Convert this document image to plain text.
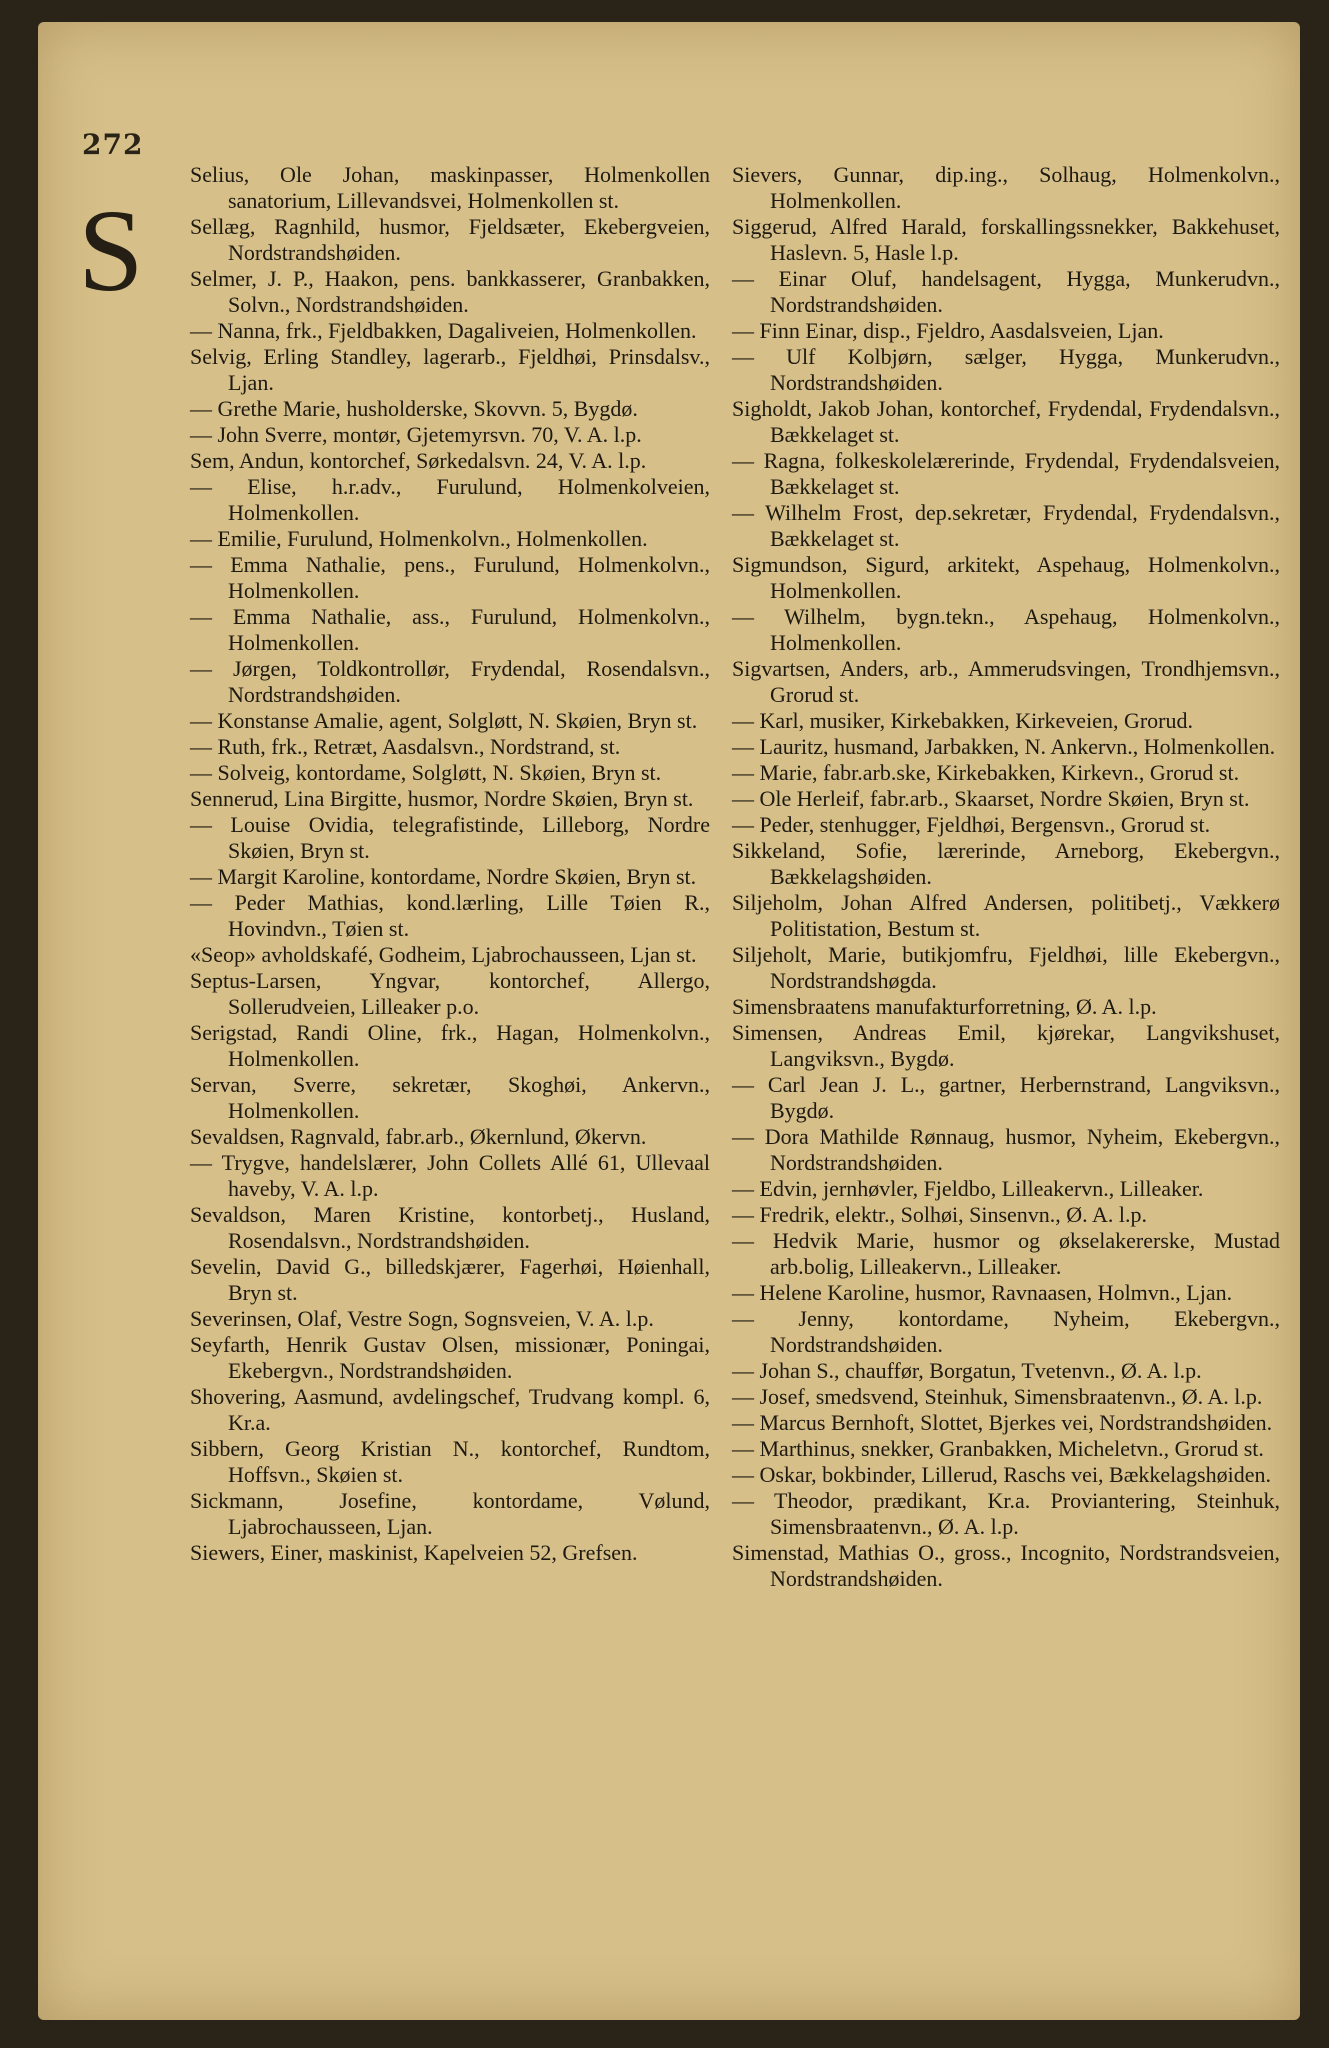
272
S

Selius, Ole Johan, maskinpasser, Holmenkollen sanatorium, Lillevandsvei, Holmenkollen st.

Sellæg, Ragnhild, husmor, Fjeldsæter, Ekebergveien, Nordstrandshøiden.

Selmer, J. P., Haakon, pens. bankkasserer, Granbakken, Solvn., Nordstrandshøiden.

— Nanna, frk., Fjeldbakken, Dagaliveien, Holmenkollen.

Selvig, Erling Standley, lagerarb., Fjeldhøi, Prinsdalsv., Ljan.

— Grethe Marie, husholderske, Skovvn. 5, Bygdø.

— John Sverre, montør, Gjetemyrsvn. 70, V. A. l.p.

Sem, Andun, kontorchef, Sørkedalsvn. 24, V. A. l.p.

— Elise, h.r.adv., Furulund, Holmenkolveien, Holmenkollen.

— Emilie, Furulund, Holmenkolvn., Holmenkollen.

— Emma Nathalie, pens., Furulund, Holmenkolvn., Holmenkollen.

— Emma Nathalie, ass., Furulund, Holmenkolvn., Holmenkollen.

— Jørgen, Toldkontrollør, Frydendal, Rosendalsvn., Nordstrandshøiden.

— Konstanse Amalie, agent, Solgløtt, N. Skøien, Bryn st.

— Ruth, frk., Retræt, Aasdalsvn., Nordstrand, st.

— Solveig, kontordame, Solgløtt, N. Skøien, Bryn st.

Sennerud, Lina Birgitte, husmor, Nordre Skøien, Bryn st.

— Louise Ovidia, telegrafistinde, Lilleborg, Nordre Skøien, Bryn st.

— Margit Karoline, kontordame, Nordre Skøien, Bryn st.

— Peder Mathias, kond.lærling, Lille Tøien R., Hovindvn., Tøien st.

«Seop» avholdskafé, Godheim, Ljabrochausseen, Ljan st.

Septus-Larsen, Yngvar, kontorchef, Allergo, Sollerudveien, Lilleaker p.o.

Serigstad, Randi Oline, frk., Hagan, Holmenkolvn., Holmenkollen.

Servan, Sverre, sekretær, Skoghøi, Ankervn., Holmenkollen.

Sevaldsen, Ragnvald, fabr.arb., Økernlund, Økervn.

— Trygve, handelslærer, John Collets Allé 61, Ullevaal haveby, V. A. l.p.

Sevaldson, Maren Kristine, kontorbetj., Husland, Rosendalsvn., Nordstrandshøiden.

Sevelin, David G., billedskjærer, Fagerhøi, Høienhall, Bryn st.

Severinsen, Olaf, Vestre Sogn, Sognsveien, V. A. l.p.

Seyfarth, Henrik Gustav Olsen, missionær, Poningai, Ekebergvn., Nordstrandshøiden.

Shovering, Aasmund, avdelingschef, Trudvang kompl. 6, Kr.a.

Sibbern, Georg Kristian N., kontorchef, Rundtom, Hoffsvn., Skøien st.

Sickmann, Josefine, kontordame, Vølund, Ljabrochausseen, Ljan.

Siewers, Einer, maskinist, Kapelveien 52, Grefsen.

Sievers, Gunnar, dip.ing., Solhaug, Holmenkolvn., Holmenkollen.

Siggerud, Alfred Harald, forskallingssnekker, Bakkehuset, Haslevn. 5, Hasle l.p.

— Einar Oluf, handelsagent, Hygga, Munkerudvn., Nordstrandshøiden.

— Finn Einar, disp., Fjeldro, Aasdalsveien, Ljan.

— Ulf Kolbjørn, sælger, Hygga, Munkerudvn., Nordstrandshøiden.

Sigholdt, Jakob Johan, kontorchef, Frydendal, Frydendalsvn., Bækkelaget st.

— Ragna, folkeskolelærerinde, Frydendal, Frydendalsveien, Bækkelaget st.

— Wilhelm Frost, dep.sekretær, Frydendal, Frydendalsvn., Bækkelaget st.

Sigmundson, Sigurd, arkitekt, Aspehaug, Holmenkolvn., Holmenkollen.

— Wilhelm, bygn.tekn., Aspehaug, Holmenkolvn., Holmenkollen.

Sigvartsen, Anders, arb., Ammerudsvingen, Trondhjemsvn., Grorud st.

— Karl, musiker, Kirkebakken, Kirkeveien, Grorud.

— Lauritz, husmand, Jarbakken, N. Ankervn., Holmenkollen.

— Marie, fabr.arb.ske, Kirkebakken, Kirkevn., Grorud st.

— Ole Herleif, fabr.arb., Skaarset, Nordre Skøien, Bryn st.

— Peder, stenhugger, Fjeldhøi, Bergensvn., Grorud st.

Sikkeland, Sofie, lærerinde, Arneborg, Ekebergvn., Bækkelagshøiden.

Siljeholm, Johan Alfred Andersen, politibetj., Vækkerø Politistation, Bestum st.

Siljeholt, Marie, butikjomfru, Fjeldhøi, lille Ekebergvn., Nordstrandshøgda.

Simensbraatens manufakturforretning, Ø. A. l.p.

Simensen, Andreas Emil, kjørekar, Langvikshuset, Langviksvn., Bygdø.

— Carl Jean J. L., gartner, Herbernstrand, Langviksvn., Bygdø.

— Dora Mathilde Rønnaug, husmor, Nyheim, Ekebergvn., Nordstrandshøiden.

— Edvin, jernhøvler, Fjeldbo, Lilleakervn., Lilleaker.

— Fredrik, elektr., Solhøi, Sinsenvn., Ø. A. l.p.

— Hedvik Marie, husmor og økselakererske, Mustad arb.bolig, Lilleakervn., Lilleaker.

— Helene Karoline, husmor, Ravnaasen, Holmvn., Ljan.

— Jenny, kontordame, Nyheim, Ekebergvn., Nordstrandshøiden.

— Johan S., chauffør, Borgatun, Tvetenvn., Ø. A. l.p.

— Josef, smedsvend, Steinhuk, Simensbraatenvn., Ø. A. l.p.

— Marcus Bernhoft, Slottet, Bjerkes vei, Nordstrandshøiden.

— Marthinus, snekker, Granbakken, Micheletvn., Grorud st.

— Oskar, bokbinder, Lillerud, Raschs vei, Bækkelagshøiden.

— Theodor, prædikant, Kr.a. Proviantering, Steinhuk, Simensbraatenvn., Ø. A. l.p.

Simenstad, Mathias O., gross., Incognito, Nordstrandsveien, Nordstrandshøiden.
